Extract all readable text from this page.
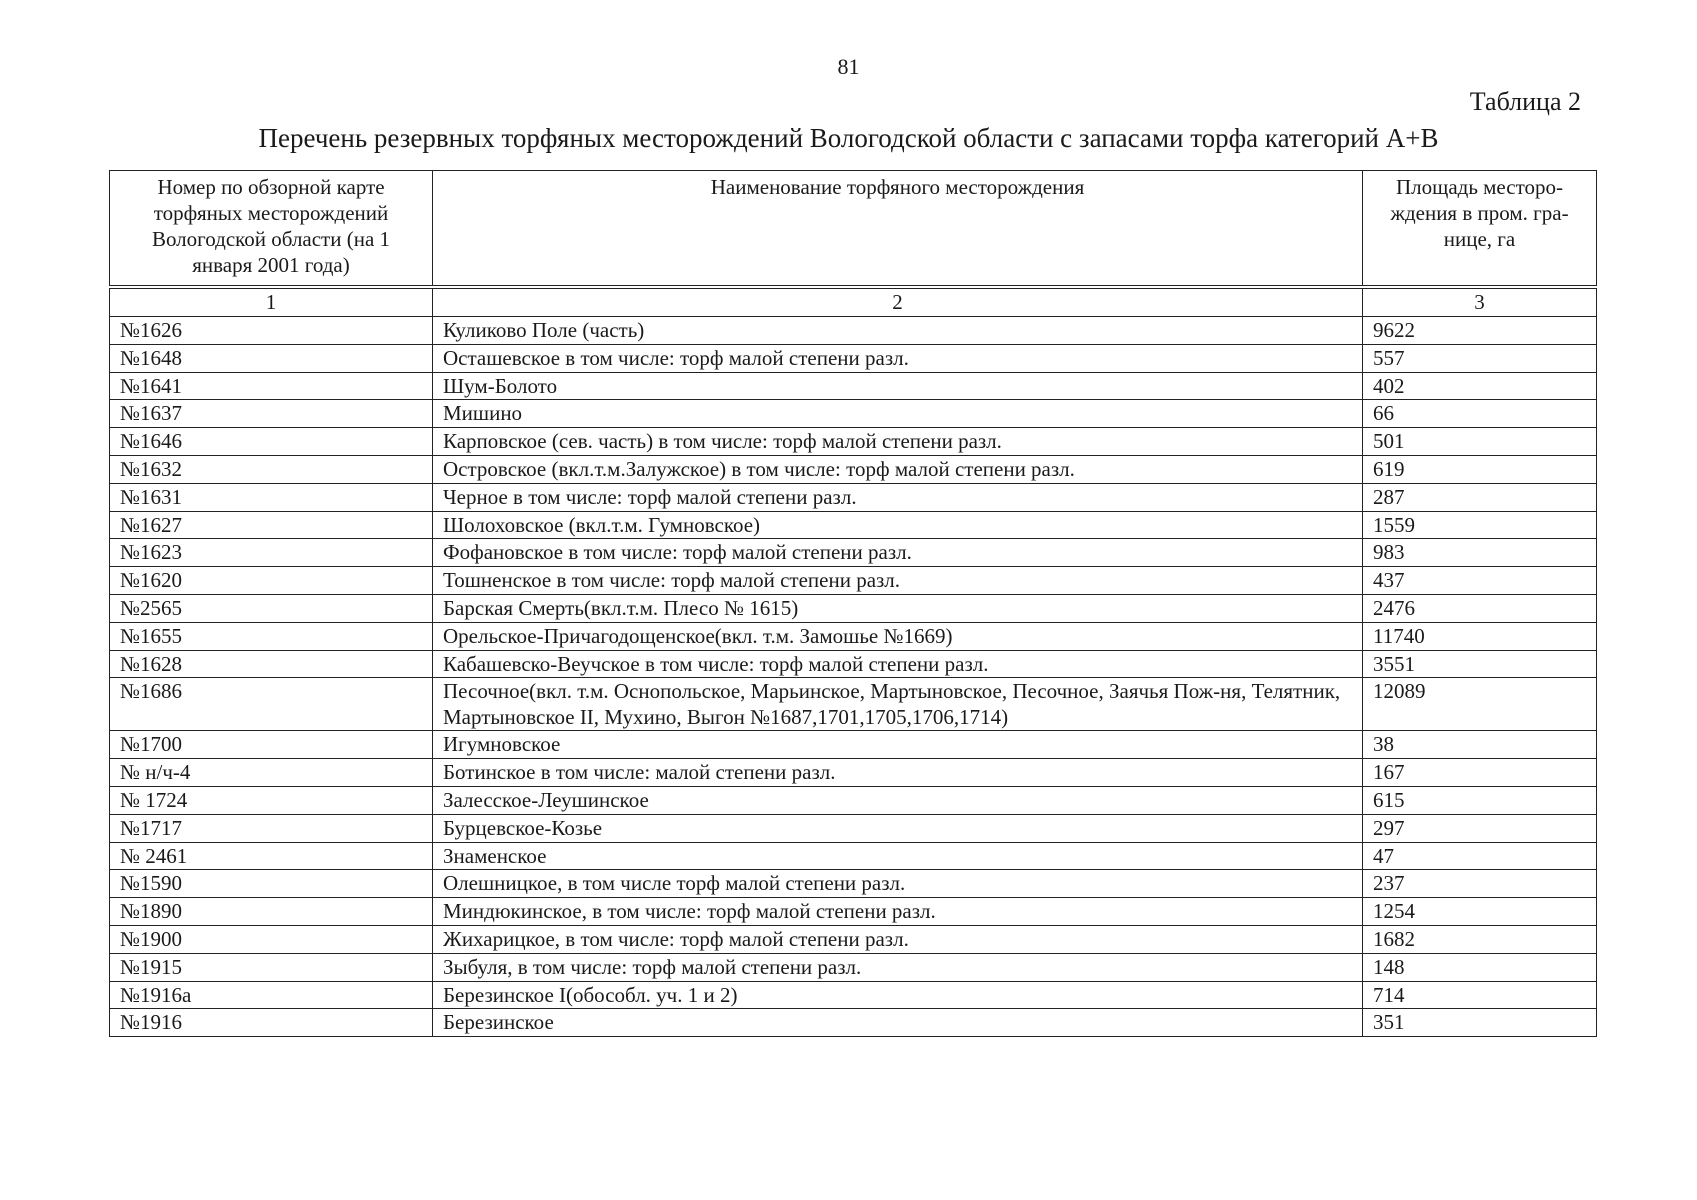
81
Таблица 2
Перечень резервных торфяных месторождений Вологодской области с запасами торфа категорий А+В
Номер по обзорной карте торфяных месторождений Вологодской области (на 1 января 2001 года)	Наименование торфяного месторождения	Площадь месторо-ждения в пром. гра-нице, га
1	2	3
№1626	Куликово Поле (часть)	9622
№1648	Осташевское в том числе: торф малой степени разл.	557
№1641	Шум-Болото	402
№1637	Мишино	66
№1646	Карповское (сев. часть) в том числе: торф малой степени разл.	501
№1632	Островское (вкл.т.м.Залужское) в том числе: торф малой степени разл.	619
№1631	Черное в том числе: торф малой степени разл.	287
№1627	Шолоховское (вкл.т.м. Гумновское)	1559
№1623	Фофановское в том числе: торф малой степени разл.	983
№1620	Тошненское в том числе: торф малой степени разл.	437
№2565	Барская Смерть(вкл.т.м. Плесо № 1615)	2476
№1655	Орельское-Причагодощенское(вкл. т.м. Замошье №1669)	11740
№1628	Кабашевско-Веучское в том числе: торф малой степени разл.	3551
№1686	Песочное(вкл. т.м. Оснопольское, Марьинское, Мартыновское, Песочное, Заячья Пож-ня, Телятник, Мартыновское II, Мухино, Выгон №1687,1701,1705,1706,1714)	12089
№1700	Игумновское	38
№ н/ч-4	Ботинское в том числе: малой степени разл.	167
№ 1724	Залесское-Леушинское	615
№1717	Бурцевское-Козье	297
№ 2461	Знаменское	47
№1590	Олешницкое, в том числе торф малой степени разл.	237
№1890	Миндюкинское, в том числе: торф малой степени разл.	1254
№1900	Жихарицкое, в том числе: торф малой степени разл.	1682
№1915	Зыбуля, в том числе: торф малой степени разл.	148
№1916а	Березинское I(обособл. уч. 1 и 2)	714
№1916	Березинское	351
